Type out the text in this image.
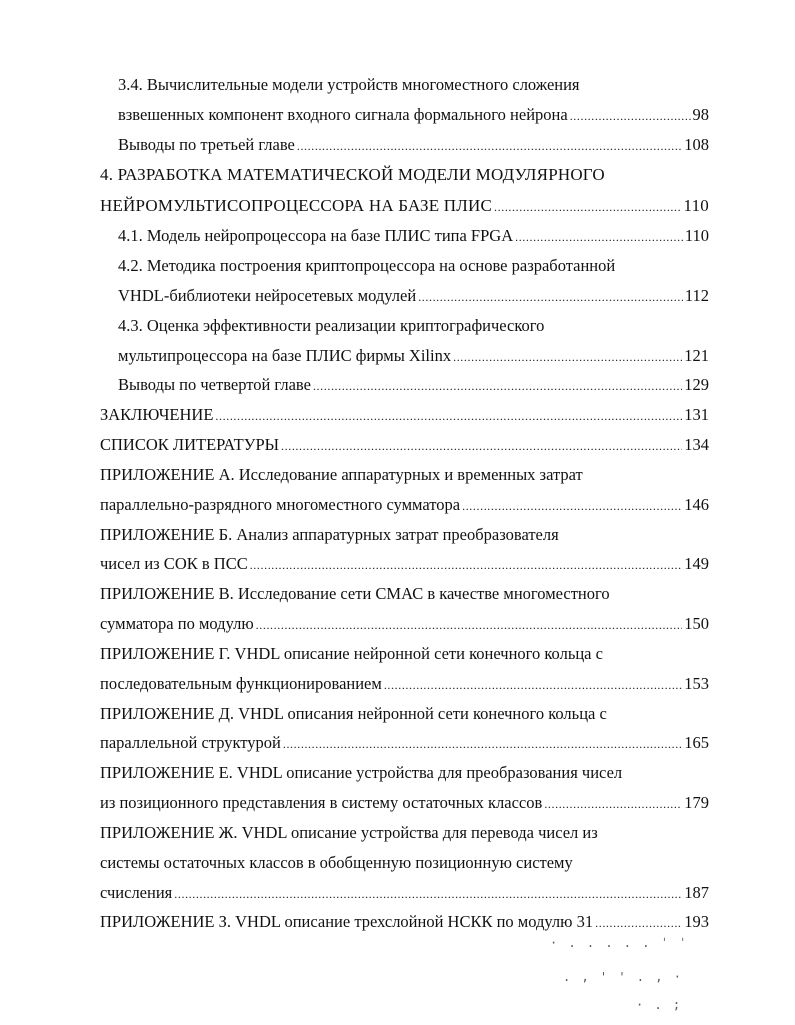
3.4. Вычислительные модели устройств многоместного сложения
взвешенных компонент входного сигнала формального нейрона .....	98
Выводы по третьей главе .....	108
4. РАЗРАБОТКА МАТЕМАТИЧЕСКОЙ МОДЕЛИ МОДУЛЯРНОГО
НЕЙРОМУЛЬТИСОПРОЦЕССОРА НА БАЗЕ ПЛИС .....	110
4.1. Модель нейропроцессора на базе ПЛИС типа FPGA .....	110
4.2. Методика построения криптопроцессора на основе разработанной
VHDL-библиотеки нейросетевых модулей .....	112
4.3. Оценка эффективности реализации криптографического
мультипроцессора на базе ПЛИС фирмы Xilinx .....	121
Выводы по четвертой главе .....	129
ЗАКЛЮЧЕНИЕ .....	131
СПИСОК ЛИТЕРАТУРЫ .....	134
ПРИЛОЖЕНИЕ А. Исследование аппаратурных и временных затрат
параллельно-разрядного многоместного сумматора .....	146
ПРИЛОЖЕНИЕ Б. Анализ аппаратурных затрат преобразователя
чисел из СОК в ПСС .....	149
ПРИЛОЖЕНИЕ В. Исследование сети СМАС в качестве многоместного
сумматора по модулю .....	150
ПРИЛОЖЕНИЕ Г. VHDL описание нейронной сети конечного кольца с
последовательным функционированием .....	153
ПРИЛОЖЕНИЕ Д. VHDL описания нейронной сети конечного кольца с
параллельной структурой .....	165
ПРИЛОЖЕНИЕ Е. VHDL описание устройства для преобразования чисел
из позиционного представления в систему остаточных классов .....	179
ПРИЛОЖЕНИЕ Ж. VHDL описание устройства для перевода чисел из
системы остаточных классов в обобщенную позиционную систему
счисления .....	187
ПРИЛОЖЕНИЕ З. VHDL описание трехслойной НСКК по модулю 31 .....	193
· . . . . . ˈ ˈ
. , ' ' . , ·
· . ;
